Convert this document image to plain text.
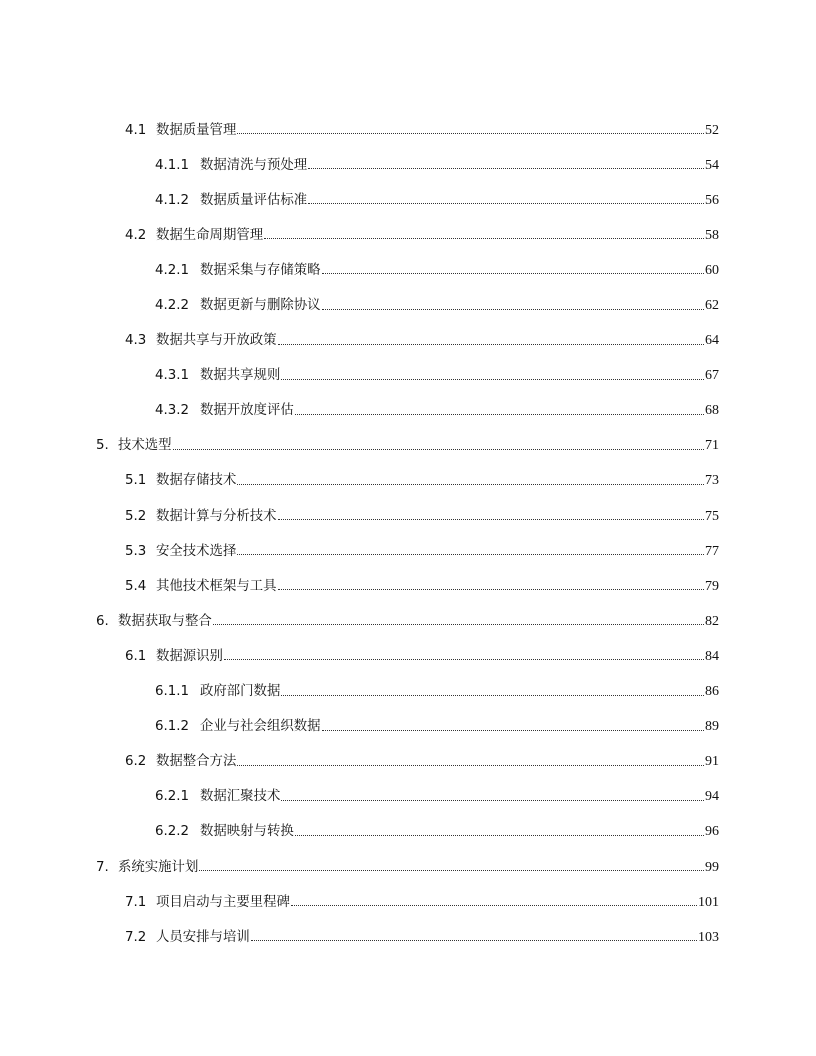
4.1 数据质量管理	52
4.1.1 数据清洗与预处理	54
4.1.2 数据质量评估标准	56
4.2 数据生命周期管理	58
4.2.1 数据采集与存储策略	60
4.2.2 数据更新与删除协议	62
4.3 数据共享与开放政策	64
4.3.1 数据共享规则	67
4.3.2 数据开放度评估	68
5. 技术选型	71
5.1 数据存储技术	73
5.2 数据计算与分析技术	75
5.3 安全技术选择	77
5.4 其他技术框架与工具	79
6. 数据获取与整合	82
6.1 数据源识别	84
6.1.1 政府部门数据	86
6.1.2 企业与社会组织数据	89
6.2 数据整合方法	91
6.2.1 数据汇聚技术	94
6.2.2 数据映射与转换	96
7. 系统实施计划	99
7.1 项目启动与主要里程碑	101
7.2 人员安排与培训	103
